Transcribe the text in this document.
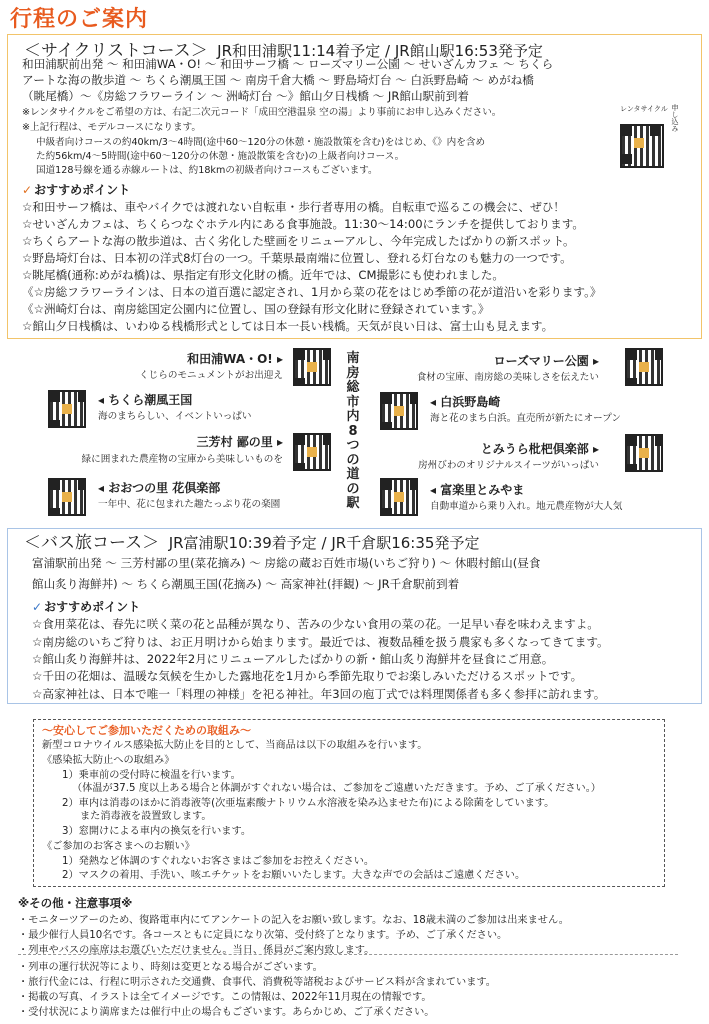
行程のご案内
＜サイクリストコース＞ JR和田浦駅11:14着予定 / JR館山駅16:53発予定
和田浦駅前出発 ～ 和田浦WA・O! ～ 和田サーフ橋 ～ ローズマリー公園 ～ せいざんカフェ ～ ちくら
アートな海の散歩道 ～ ちくら潮風王国 ～ 南房千倉大橋 ～ 野島埼灯台 ～ 白浜野島崎 ～ めがね橋
（眺尾橋）～《房総フラワーライン ～ 洲崎灯台 ～》館山夕日桟橋 ～ JR館山駅前到着
※レンタサイクルをご希望の方は、右記二次元コード「成田空港温泉 空の湯」より事前にお申し込みください。
※上記行程は、モデルコースになります。
中級者向けコースの約40km/3～4時間(途中60～120分の休憩・施設散策を含む)をはじめ、《》内を含め
た約56km/4～5時間(途中60～120分の休憩・施設散策を含む)の上級者向けコース。
国道128号線を通る赤線ルートは、約18kmの初級者向けコースもございます。
レンタサイクル 申し込み
✓ おすすめポイント
☆和田サーフ橋は、車やバイクでは渡れない自転車・歩行者専用の橋。自転車で巡るこの機会に、ぜひ！
☆せいざんカフェは、ちくらつなぐホテル内にある食事施設。11:30～14:00にランチを提供しております。
☆ちくらアートな海の散歩道は、古く劣化した壁画をリニューアルし、今年完成したばかりの新スポット。
☆野島埼灯台は、日本初の洋式8灯台の一つ。千葉県最南端に位置し、登れる灯台なのも魅力の一つです。
☆眺尾橋(通称:めがね橋)は、県指定有形文化財の橋。近年では、CM撮影にも使われました。
《☆房総フラワーラインは、日本の道百選に認定され、1月から菜の花をはじめ季節の花が道沿いを彩ります。》
《☆洲崎灯台は、南房総国定公園内に位置し、国の登録有形文化財に登録されています。》
☆館山夕日桟橋は、いわゆる桟橋形式としては日本一長い桟橋。天気が良い日は、富士山も見えます。
南房総市内8つの道の駅
和田浦WA・O! ▸
くじらのモニュメントがお出迎え
◂ ちくら潮風王国
海のまちらしい、イベントいっぱい
三芳村 鄙の里 ▸
緑に囲まれた農産物の宝庫から美味しいものを
◂ おおつの里 花倶楽部
一年中、花に包まれた趣たっぷり花の楽園
ローズマリー公園 ▸
食材の宝庫、南房総の美味しさを伝えたい
◂ 白浜野島崎
海と花のまち白浜。直売所が新たにオープン
とみうら枇杷倶楽部 ▸
房州びわのオリジナルスイーツがいっぱい
◂ 富楽里とみやま
自動車道から乗り入れ。地元農産物が大人気
＜バス旅コース＞ JR富浦駅10:39着予定 / JR千倉駅16:35発予定
富浦駅前出発 ～ 三芳村鄙の里(菜花摘み) ～ 房総の蔵お百姓市場(いちご狩り) ～ 休暇村館山(昼食
館山炙り海鮮丼) ～ ちくら潮風王国(花摘み) ～ 高家神社(拝観) ～ JR千倉駅前到着
✓ おすすめポイント
☆食用菜花は、春先に咲く菜の花と品種が異なり、苦みの少ない食用の菜の花。一足早い春を味わえますよ。
☆南房総のいちご狩りは、お正月明けから始まります。最近では、複数品種を扱う農家も多くなってきてます。
☆館山炙り海鮮丼は、2022年2月にリニューアルしたばかりの新・館山炙り海鮮丼を昼食にご用意。
☆千田の花畑は、温暖な気候を生かした露地花を1月から季節先取りでお楽しみいただけるスポットです。
☆高家神社は、日本で唯一「料理の神様」を祀る神社。年3回の庖丁式では料理関係者も多く参拝に訪れます。
～安心してご参加いただくための取組み～
新型コロナウイルス感染拡大防止を目的として、当商品は以下の取組みを行います。
《感染拡大防止への取組み》
1）乗車前の受付時に検温を行います。
（体温が37.5 度以上ある場合と体調がすぐれない場合は、ご参加をご遠慮いただきます。予め、ご了承ください。）
2）車内は消毒のほかに消毒液等(次亜塩素酸ナトリウム水溶液を染み込ませた布)による除菌をしています。
また消毒液を設置致します。
3）窓開けによる車内の換気を行います。
《ご参加のお客さまへのお願い》
1）発熱など体調のすぐれないお客さまはご参加をお控えください。
2）マスクの着用、手洗い、咳エチケットをお願いいたします。大きな声での会話はご遠慮ください。
※その他・注意事項※
・ モニターツアーのため、復路電車内にてアンケートの記入をお願い致します。なお、18歳未満のご参加は出来ません。
・ 最少催行人員10名です。各コースともに定員になり次第、受付終了となります。予め、ご了承ください。
・ 列車やバスの座席はお選びいただけません。当日、係員がご案内致します。
・ 列車の運行状況等により、時刻は変更となる場合がございます。
・ 旅行代金には、行程に明示された交通費、食事代、消費税等諸税およびサービス料が含まれています。
・ 掲載の写真、イラストは全てイメージです。この情報は、2022年11月現在の情報です。
・ 受付状況により満席または催行中止の場合もございます。あらかじめ、ご了承ください。
